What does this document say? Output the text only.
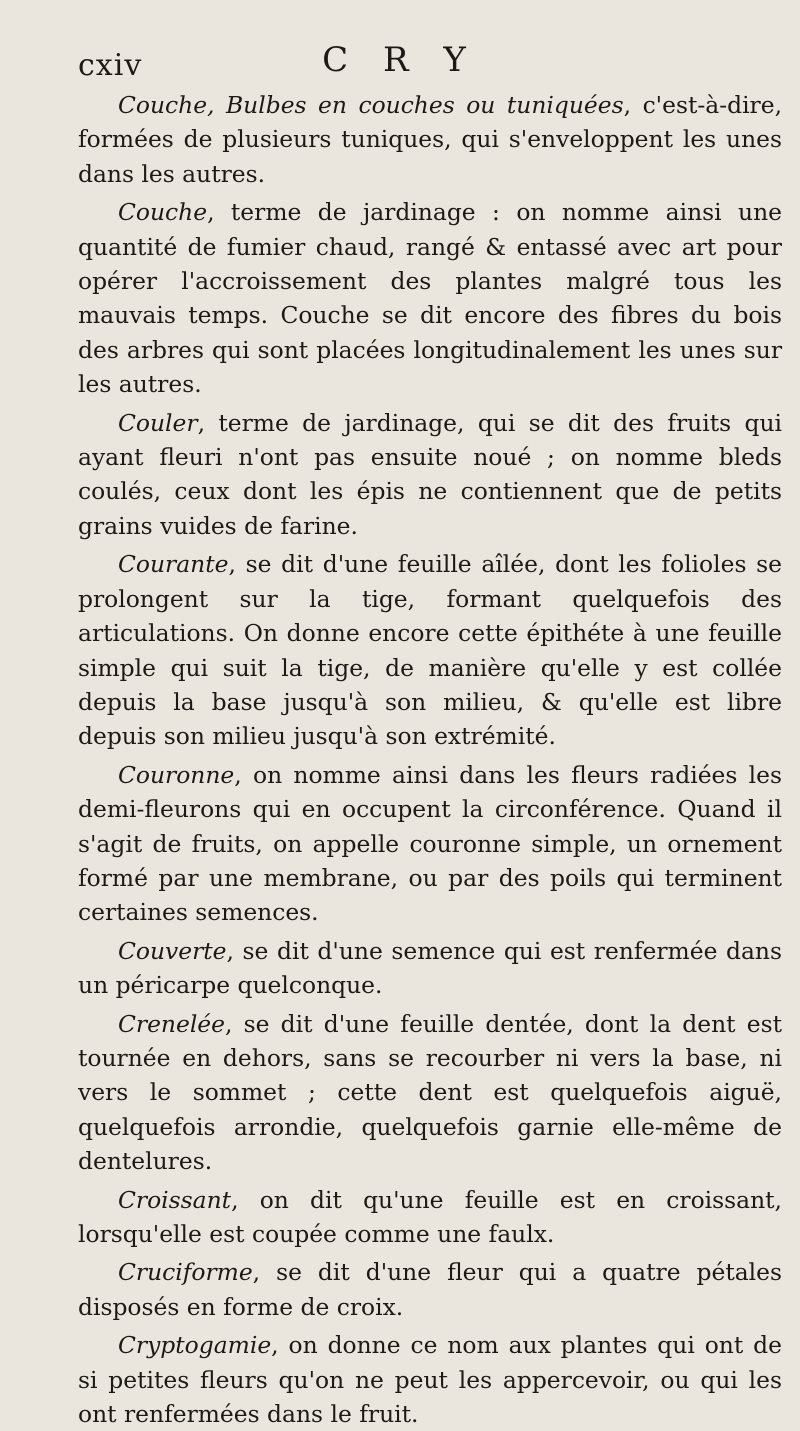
cxiv	C R Y

Couche, Bulbes en couches ou tuniquées, c'est-à-dire, formées de plusieurs tuniques, qui s'enveloppent les unes dans les autres.

Couche, terme de jardinage : on nomme ainsi une quantité de fumier chaud, rangé & entassé avec art pour opérer l'accroissement des plantes malgré tous les mauvais temps. Couche se dit encore des fibres du bois des arbres qui sont placées longitudinalement les unes sur les autres.

Couler, terme de jardinage, qui se dit des fruits qui ayant fleuri n'ont pas ensuite noué ; on nomme bleds coulés, ceux dont les épis ne contiennent que de petits grains vuides de farine.

Courante, se dit d'une feuille aîlée, dont les folioles se prolongent sur la tige, formant quelquefois des articulations. On donne encore cette épithéte à une feuille simple qui suit la tige, de manière qu'elle y est collée depuis la base jusqu'à son milieu, & qu'elle est libre depuis son milieu jusqu'à son extrémité.

Couronne, on nomme ainsi dans les fleurs radiées les demi-fleurons qui en occupent la circonférence. Quand il s'agit de fruits, on appelle couronne simple, un ornement formé par une membrane, ou par des poils qui terminent certaines semences.

Couverte, se dit d'une semence qui est renfermée dans un péricarpe quelconque.

Crenelée, se dit d'une feuille dentée, dont la dent est tournée en dehors, sans se recourber ni vers la base, ni vers le sommet ; cette dent est quelquefois aiguë, quelquefois arrondie, quelquefois garnie elle-même de dentelures.

Croissant, on dit qu'une feuille est en croissant, lorsqu'elle est coupée comme une faulx.

Cruciforme, se dit d'une fleur qui a quatre pétales disposés en forme de croix.

Cryptogamie, on donne ce nom aux plantes qui ont de si petites fleurs qu'on ne peut les appercevoir, ou qui les ont renfermées dans le fruit.
